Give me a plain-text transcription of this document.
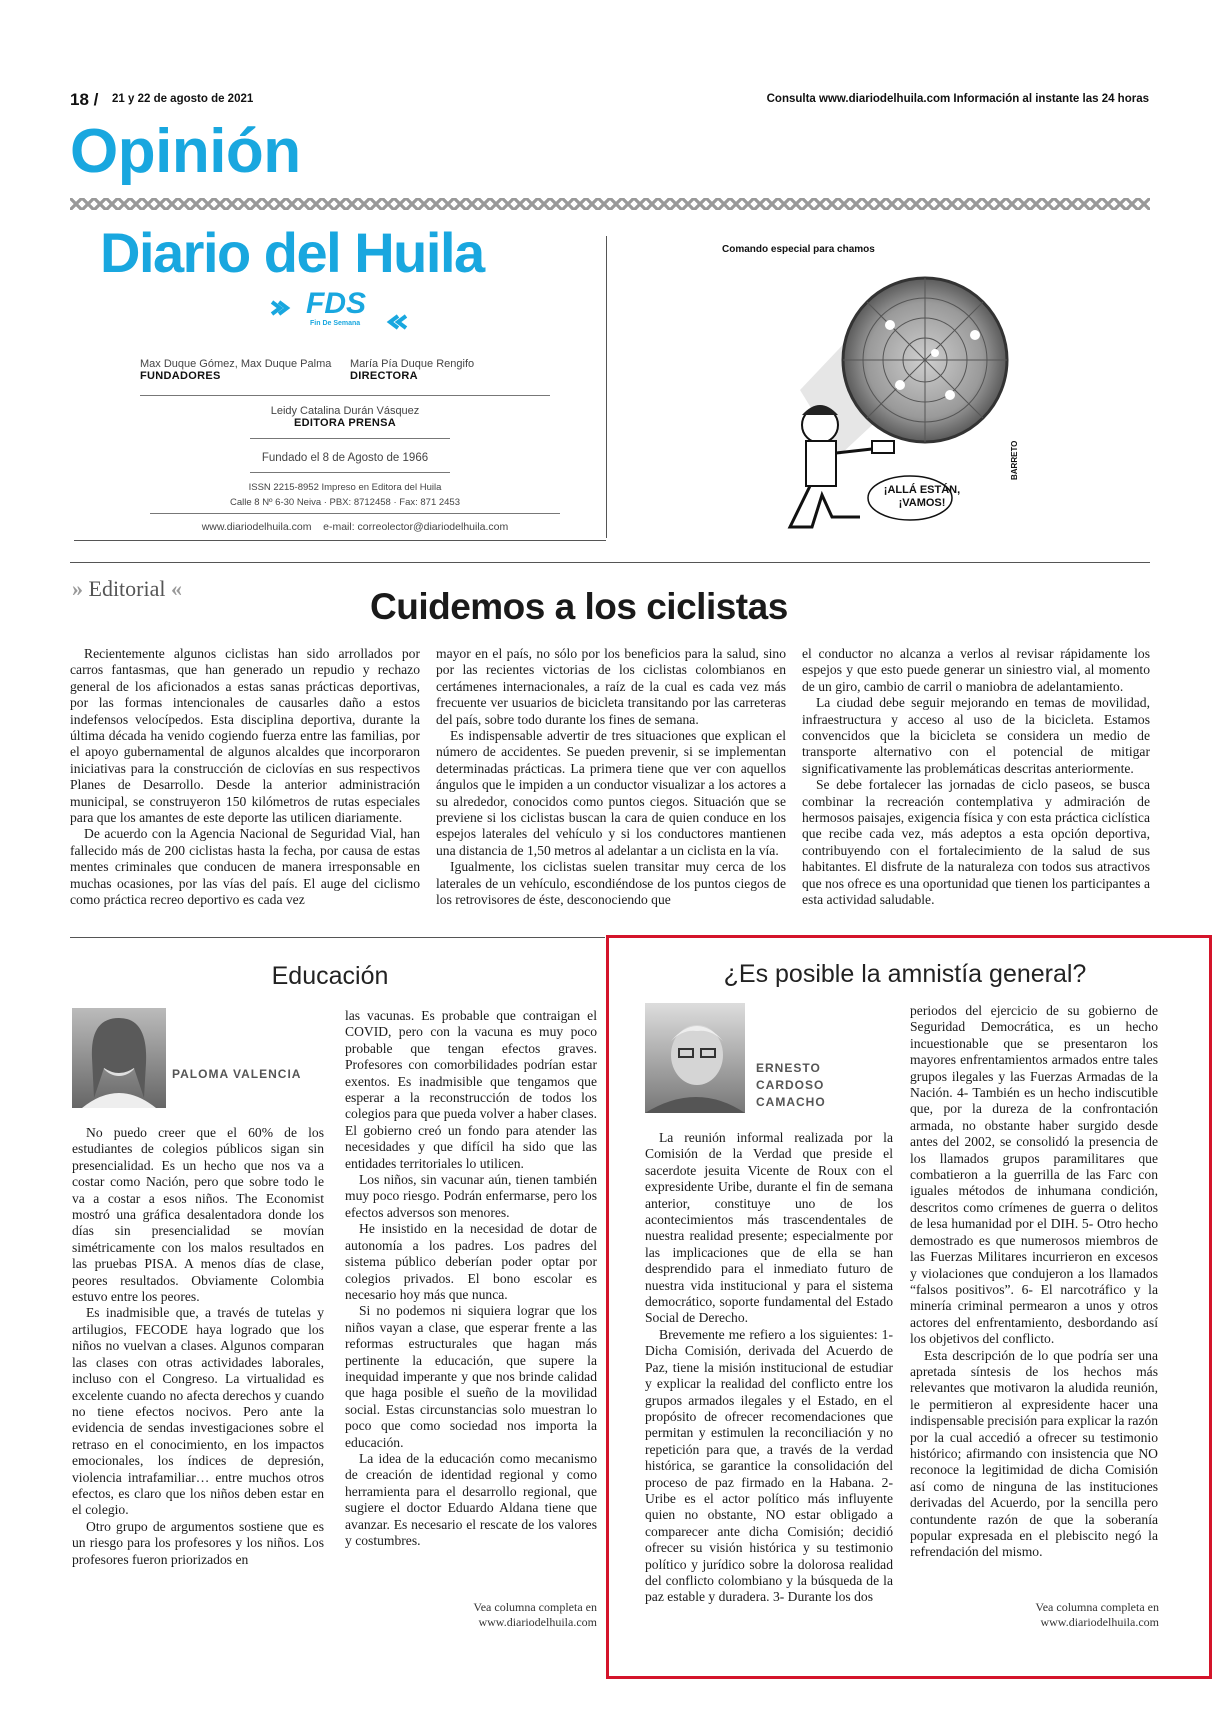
18 / 21 y 22 de agosto de 2021	Consulta www.diariodelhuila.com Información al instante las 24 horas
Opinión
Diario del Huila
FDS
Fin De Semana
Max Duque Gómez, Max Duque Palma
FUNDADORES
María Pía Duque Rengifo
DIRECTORA
Leidy Catalina Durán Vásquez
EDITORA PRENSA
Fundado el 8 de Agosto de 1966
ISSN 2215-8952 Impreso en Editora del Huila
Calle 8 Nº 6-30 Neiva · PBX: 8712458 · Fax: 871 2453
www.diariodelhuila.com e-mail: correolector@diariodelhuila.com
Comando especial para chamos
¡ALLÁ ESTÁN, ¡VAMOS!
BARRETO
» Editorial «	Cuidemos a los ciclistas

Recientemente algunos ciclistas han sido arrollados por carros fantasmas, que han generado un repudio y rechazo general de los aficionados a estas sanas prácticas deportivas, por las formas intencionales de causarles daño a estos indefensos velocípedos. Esta disciplina deportiva, durante la última década ha venido cogiendo fuerza entre las familias, por el apoyo gubernamental de algunos alcaldes que incorporaron iniciativas para la construcción de ciclovías en sus respectivos Planes de Desarrollo. Desde la anterior administración municipal, se construyeron 150 kilómetros de rutas especiales para que los amantes de este deporte las utilicen diariamente.

De acuerdo con la Agencia Nacional de Seguridad Vial, han fallecido más de 200 ciclistas hasta la fecha, por causa de estas mentes criminales que conducen de manera irresponsable en muchas ocasiones, por las vías del país. El auge del ciclismo como práctica recreo deportivo es cada vez

mayor en el país, no sólo por los beneficios para la salud, sino por las recientes victorias de los ciclistas colombianos en certámenes internacionales, a raíz de la cual es cada vez más frecuente ver usuarios de bicicleta transitando por las carreteras del país, sobre todo durante los fines de semana.

Es indispensable advertir de tres situaciones que explican el número de accidentes. Se pueden prevenir, si se implementan determinadas prácticas. La primera tiene que ver con aquellos ángulos que le impiden a un conductor visualizar a los actores a su alrededor, conocidos como puntos ciegos. Situación que se previene si los ciclistas buscan la cara de quien conduce en los espejos laterales del vehículo y si los conductores mantienen una distancia de 1,50 metros al adelantar a un ciclista en la vía.

Igualmente, los ciclistas suelen transitar muy cerca de los laterales de un vehículo, escondiéndose de los puntos ciegos de los retrovisores de éste, desconociendo que

el conductor no alcanza a verlos al revisar rápidamente los espejos y que esto puede generar un siniestro vial, al momento de un giro, cambio de carril o maniobra de adelantamiento.

La ciudad debe seguir mejorando en temas de movilidad, infraestructura y acceso al uso de la bicicleta. Estamos convencidos que la bicicleta se considera un medio de transporte alternativo con el potencial de mitigar significativamente las problemáticas descritas anteriormente.

Se debe fortalecer las jornadas de ciclo paseos, se busca combinar la recreación contemplativa y admiración de hermosos paisajes, exigencia física y con esta práctica ciclística que recibe cada vez, más adeptos a esta opción deportiva, contribuyendo con el fortalecimiento de la salud de sus habitantes. El disfrute de la naturaleza con todos sus atractivos que nos ofrece es una oportunidad que tienen los participantes a esta actividad saludable.

Educación
PALOMA VALENCIA

No puedo creer que el 60% de los estudiantes de colegios públicos sigan sin presencialidad. Es un hecho que nos va a costar como Nación, pero que sobre todo le va a costar a esos niños. The Economist mostró una gráfica desalentadora donde los días sin presencialidad se movían simétricamente con los malos resultados en las pruebas PISA. A menos días de clase, peores resultados. Obviamente Colombia estuvo entre los peores.

Es inadmisible que, a través de tutelas y artilugios, FECODE haya logrado que los niños no vuelvan a clases. Algunos comparan las clases con otras actividades laborales, incluso con el Congreso. La virtualidad es excelente cuando no afecta derechos y cuando no tiene efectos nocivos. Pero ante la evidencia de sendas investigaciones sobre el retraso en el conocimiento, en los impactos emocionales, los índices de depresión, violencia intrafamiliar… entre muchos otros efectos, es claro que los niños deben estar en el colegio.

Otro grupo de argumentos sostiene que es un riesgo para los profesores y los niños. Los profesores fueron priorizados en

las vacunas. Es probable que contraigan el COVID, pero con la vacuna es muy poco probable que tengan efectos graves. Profesores con comorbilidades podrían estar exentos. Es inadmisible que tengamos que esperar a la reconstrucción de todos los colegios para que pueda volver a haber clases. El gobierno creó un fondo para atender las necesidades y que difícil ha sido que las entidades territoriales lo utilicen.

Los niños, sin vacunar aún, tienen también muy poco riesgo. Podrán enfermarse, pero los efectos adversos son menores.

He insistido en la necesidad de dotar de autonomía a los padres. Los padres del sistema público deberían poder optar por colegios privados. El bono escolar es necesario hoy más que nunca.

Si no podemos ni siquiera lograr que los niños vayan a clase, que esperar frente a las reformas estructurales que hagan más pertinente la educación, que supere la inequidad imperante y que nos brinde calidad que haga posible el sueño de la movilidad social. Estas circunstancias solo muestran lo poco que como sociedad nos importa la educación.

La idea de la educación como mecanismo de creación de identidad regional y como herramienta para el desarrollo regional, que sugiere el doctor Eduardo Aldana tiene que avanzar. Es necesario el rescate de los valores y costumbres.

Vea columna completa en
www.diariodelhuila.com
¿Es posible la amnistía general?
ERNESTO
CARDOSO
CAMACHO

La reunión informal realizada por la Comisión de la Verdad que preside el sacerdote jesuita Vicente de Roux con el expresidente Uribe, durante el fin de semana anterior, constituye uno de los acontecimientos más trascendentales de nuestra realidad presente; especialmente por las implicaciones que de ella se han desprendido para el inmediato futuro de nuestra vida institucional y para el sistema democrático, soporte fundamental del Estado Social de Derecho.

Brevemente me refiero a los siguientes: 1- Dicha Comisión, derivada del Acuerdo de Paz, tiene la misión institucional de estudiar y explicar la realidad del conflicto entre los grupos armados ilegales y el Estado, en el propósito de ofrecer recomendaciones que permitan y estimulen la reconciliación y no repetición para que, a través de la verdad histórica, se garantice la consolidación del proceso de paz firmado en la Habana. 2- Uribe es el actor político más influyente quien no obstante, NO estar obligado a comparecer ante dicha Comisión; decidió ofrecer su visión histórica y su testimonio político y jurídico sobre la dolorosa realidad del conflicto colombiano y la búsqueda de la paz estable y duradera. 3- Durante los dos

periodos del ejercicio de su gobierno de Seguridad Democrática, es un hecho incuestionable que se presentaron los mayores enfrentamientos armados entre tales grupos ilegales y las Fuerzas Armadas de la Nación. 4- También es un hecho indiscutible que, por la dureza de la confrontación armada, no obstante haber surgido desde antes del 2002, se consolidó la presencia de los llamados grupos paramilitares que combatieron a la guerrilla de las Farc con iguales métodos de inhumana condición, descritos como crímenes de guerra o delitos de lesa humanidad por el DIH. 5- Otro hecho demostrado es que numerosos miembros de las Fuerzas Militares incurrieron en excesos y violaciones que condujeron a los llamados “falsos positivos”. 6- El narcotráfico y la minería criminal permearon a unos y otros actores del enfrentamiento, desbordando así los objetivos del conflicto.

Esta descripción de lo que podría ser una apretada síntesis de los hechos más relevantes que motivaron la aludida reunión, le permitieron al expresidente hacer una indispensable precisión para explicar la razón por la cual accedió a ofrecer su testimonio histórico; afirmando con insistencia que NO reconoce la legitimidad de dicha Comisión así como de ninguna de las instituciones derivadas del Acuerdo, por la sencilla pero contundente razón de que la soberanía popular expresada en el plebiscito negó la refrendación del mismo.

Vea columna completa en
www.diariodelhuila.com
